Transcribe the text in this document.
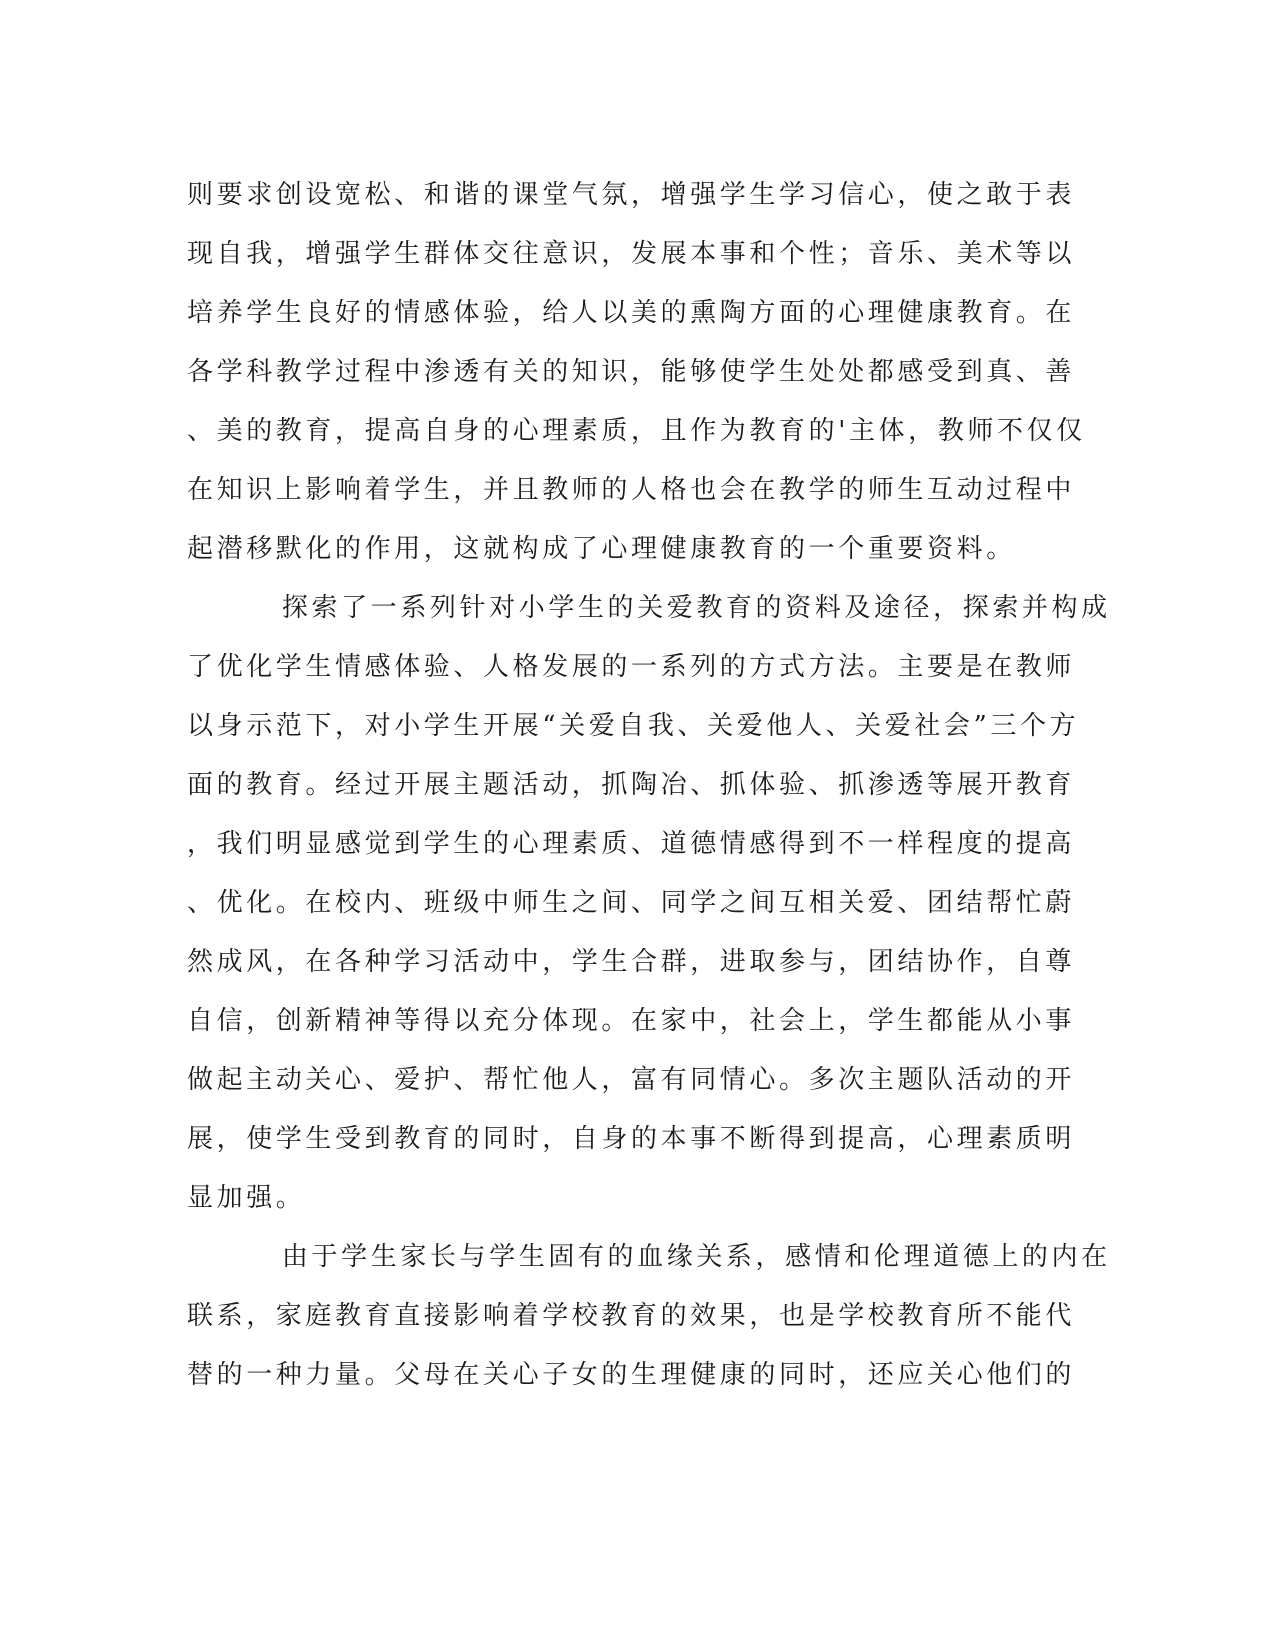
则要求创设宽松、和谐的课堂气氛，增强学生学习信心，使之敢于表
现自我，增强学生群体交往意识，发展本事和个性；音乐、美术等以
培养学生良好的情感体验，给人以美的熏陶方面的心理健康教育。在
各学科教学过程中渗透有关的知识，能够使学生处处都感受到真、善
、美的教育，提高自身的心理素质，且作为教育的'主体，教师不仅仅
在知识上影响着学生，并且教师的人格也会在教学的师生互动过程中
起潜移默化的作用，这就构成了心理健康教育的一个重要资料。
探索了一系列针对小学生的关爱教育的资料及途径，探索并构成
了优化学生情感体验、人格发展的一系列的方式方法。主要是在教师
以身示范下，对小学生开展“关爱自我、关爱他人、关爱社会”三个方
面的教育。经过开展主题活动，抓陶冶、抓体验、抓渗透等展开教育
，我们明显感觉到学生的心理素质、道德情感得到不一样程度的提高
、优化。在校内、班级中师生之间、同学之间互相关爱、团结帮忙蔚
然成风，在各种学习活动中，学生合群，进取参与，团结协作，自尊
自信，创新精神等得以充分体现。在家中，社会上，学生都能从小事
做起主动关心、爱护、帮忙他人，富有同情心。多次主题队活动的开
展，使学生受到教育的同时，自身的本事不断得到提高，心理素质明
显加强。
由于学生家长与学生固有的血缘关系，感情和伦理道德上的内在
联系，家庭教育直接影响着学校教育的效果，也是学校教育所不能代
替的一种力量。父母在关心子女的生理健康的同时，还应关心他们的
